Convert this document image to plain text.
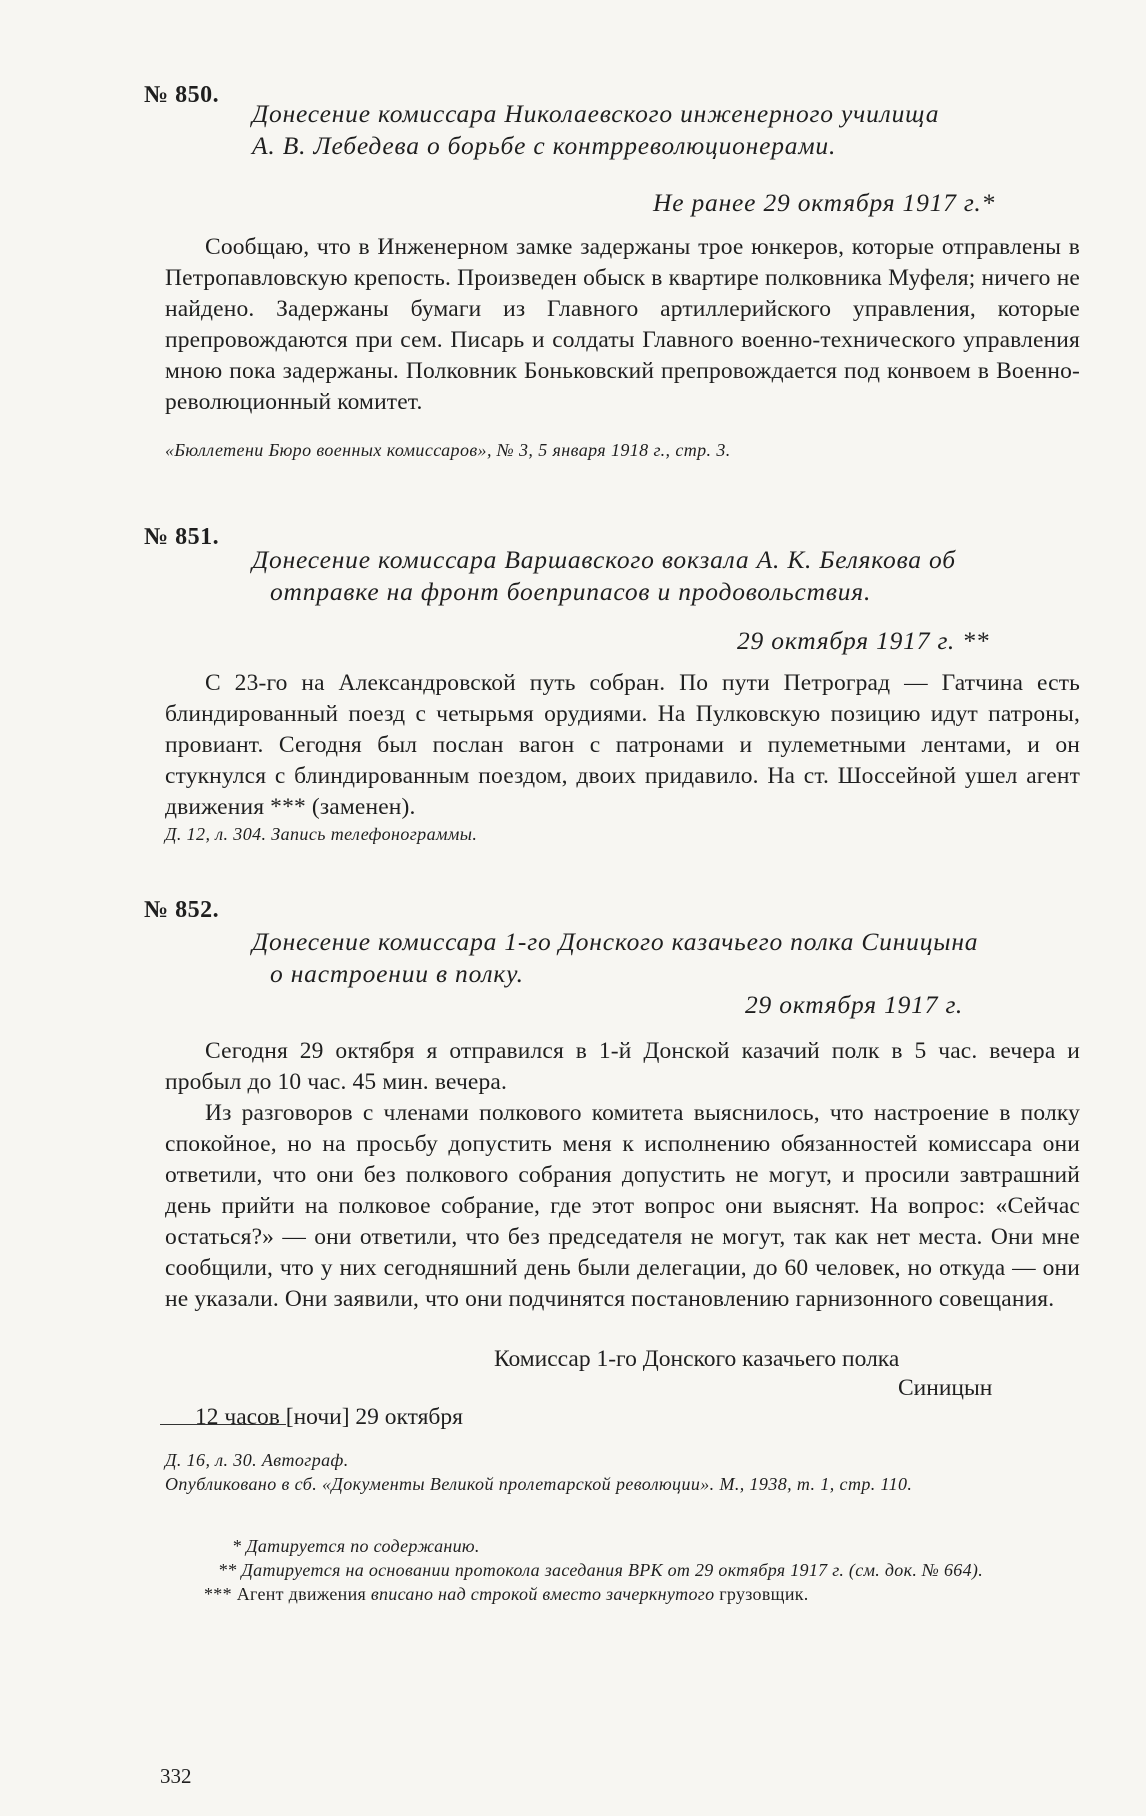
№ 850.
Донесение комиссара Николаевского инженерного училища
А. В. Лебедева о борьбе с контрреволюционерами.
Не ранее 29 октября 1917 г.*

Сообщаю, что в Инженерном замке задержаны трое юнкеров, которые отправлены в Петропавловскую крепость. Произведен обыск в квартире полковника Муфеля; ничего не найдено. Задержаны бумаги из Главного артиллерийского управления, которые препровождаются при сем. Писарь и солдаты Главного военно-технического управления мною пока задержаны. Полковник Боньковский препровождается под конвоем в Военно-революционный комитет.

«Бюллетени Бюро военных комиссаров», № 3, 5 января 1918 г., стр. 3.
№ 851.
Донесение комиссара Варшавского вокзала А. К. Белякова об
отправке на фронт боеприпасов и продовольствия.
29 октября 1917 г. **

С 23-го на Александровской путь собран. По пути Петроград — Гатчина есть блиндированный поезд с четырьмя орудиями. На Пулковскую позицию идут патроны, провиант. Сегодня был послан вагон с патронами и пулеметными лентами, и он стукнулся с блиндированным поездом, двоих придавило. На ст. Шоссейной ушел агент движения *** (заменен).

Д. 12, л. 304. Запись телефонограммы.
№ 852.
Донесение комиссара 1-го Донского казачьего полка Синицына
о настроении в полку.
29 октября 1917 г.

Сегодня 29 октября я отправился в 1-й Донской казачий полк в 5 час. вечера и пробыл до 10 час. 45 мин. вечера.

Из разговоров с членами полкового комитета выяснилось, что настроение в полку спокойное, но на просьбу допустить меня к исполнению обязанностей комиссара они ответили, что они без полкового собрания допустить не могут, и просили завтрашний день прийти на полковое собрание, где этот вопрос они выяснят. На вопрос: «Сейчас остаться?» — они ответили, что без председателя не могут, так как нет места. Они мне сообщили, что у них сегодняшний день были делегации, до 60 человек, но откуда — они не указали. Они заявили, что они подчинятся постановлению гарнизонного совещания.

Комиссар 1-го Донского казачьего полка
Синицын
12 часов [ночи] 29 октября
Д. 16, л. 30. Автограф.
Опубликовано в сб. «Документы Великой пролетарской революции». М., 1938, т. 1, стр. 110.
* Датируется по содержанию.
** Датируется на основании протокола заседания ВРК от 29 октября 1917 г. (см. док. № 664).
*** Агент движения вписано над строкой вместо зачеркнутого грузовщик.
332
